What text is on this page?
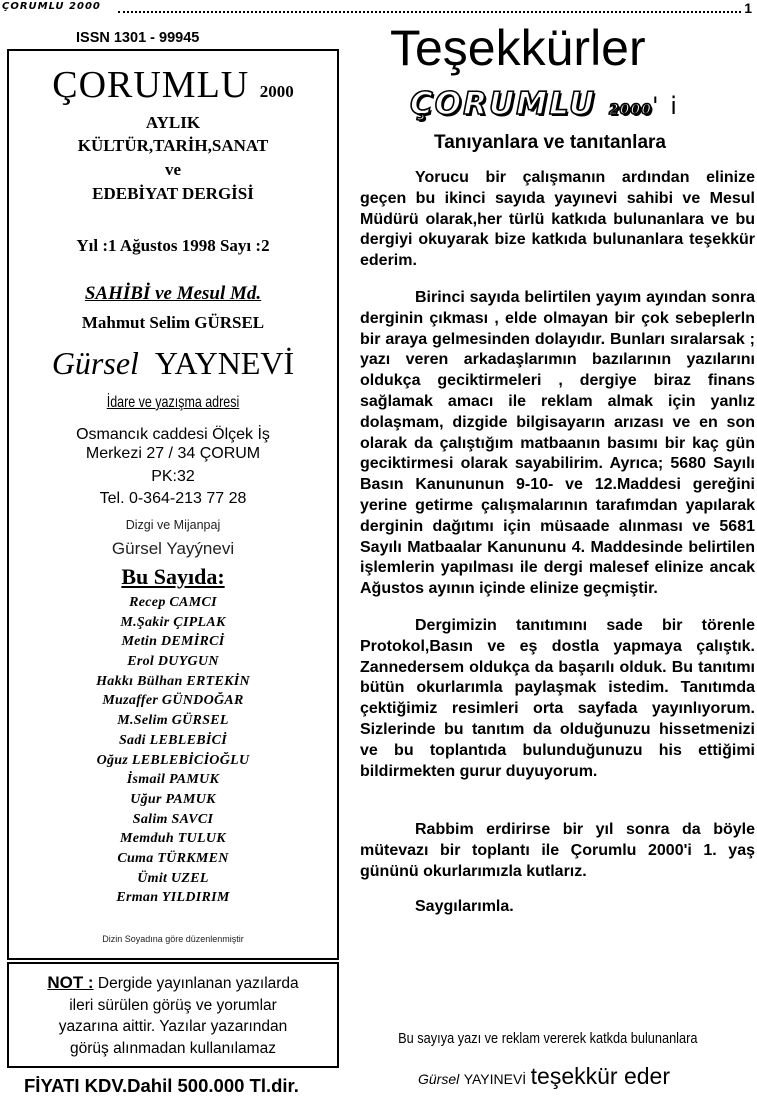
ÇORUMLU 2000	1
ISSN 1301 - 99945
ÇORUMLU 2000
AYLIK
KÜLTÜR,TARİH,SANAT
ve
EDEBİYAT DERGİSİ
Yıl :1 Ağustos 1998 Sayı :2
SAHİBİ ve Mesul Md.
Mahmut Selim GÜRSEL
Gürsel YAYNEVİ
İdare ve yazışma adresi
Osmancık caddesi Ölçek İş
Merkezi 27 / 34 ÇORUM
PK:32
Tel. 0-364-213 77 28
Dizgi ve Mijanpaj
Gürsel Yayýnevi
Bu Sayıda:
Recep CAMCI
M.Şakir ÇIPLAK
Metin DEMİRCİ
Erol DUYGUN
Hakkı Bülhan ERTEKİN
Muzaffer GÜNDOĞAR
M.Selim GÜRSEL
Sadi LEBLEBİCİ
Oğuz LEBLEBİCİOĞLU
İsmail PAMUK
Uğur PAMUK
Salim SAVCI
Memduh TULUK
Cuma TÜRKMEN
Ümit UZEL
Erman YILDIRIM
Dizin Soyadına göre düzenlenmiştir
NOT : Dergide yayınlanan yazılarda
ileri sürülen görüş ve yorumlar
yazarına aittir. Yazılar yazarından
görüş alınmadan kullanılamaz
FİYATI KDV.Dahil 500.000 Tl.dir.
Teşekkürler
ÇORUMLU 2000' i
Tanıyanlara ve tanıtanlara

Yorucu bir çalışmanın ardından elinize geçen bu ikinci sayıda yayınevi sahibi ve Mesul Müdürü olarak,her türlü katkıda bulunanlara ve bu dergiyi okuyarak bize katkıda bulunanlara teşekkür ederim.

Birinci sayıda belirtilen yayım ayından sonra derginin çıkması , elde olmayan bir çok sebeplerln bir araya gelmesinden dolayıdır. Bunları sıralarsak ; yazı veren arkadaşlarımın bazılarının yazılarını oldukça geciktirmeleri , dergiye biraz finans sağlamak amacı ile reklam almak için yanlız dolaşmam, dizgide bilgisayarın arızası ve en son olarak da çalıştığım matbaanın basımı bir kaç gün geciktirmesi olarak sayabilirim. Ayrıca; 5680 Sayılı Basın Kanununun 9-10- ve 12.Maddesi gereğini yerine getirme çalışmalarının tarafımdan yapılarak derginin dağıtımı için müsaade alınması ve 5681 Sayılı Matbaalar Kanununu 4. Maddesinde belirtilen işlemlerin yapılması ile dergi malesef elinize ancak Ağustos ayının içinde elinize geçmiştir.

Dergimizin tanıtımını sade bir törenle Protokol,Basın ve eş dostla yapmaya çalıştık. Zannedersem oldukça da başarılı olduk. Bu tanıtımı bütün okurlarımla paylaşmak istedim. Tanıtımda çektiğimiz resimleri orta sayfada yayınlıyorum. Sizlerinde bu tanıtım da olduğunuzu hissetmenizi ve bu toplantıda bulunduğunuzu his ettiğimi bildirmekten gurur duyuyorum.

Rabbim erdirirse bir yıl sonra da böyle mütevazı bir toplantı ile Çorumlu 2000'i 1. yaş gününü okurlarımızla kutlarız.

Saygılarımla.

Bu sayıya yazı ve reklam vererek katkda bulunanlara
Gürsel YAYINEVİ teşekkür eder
